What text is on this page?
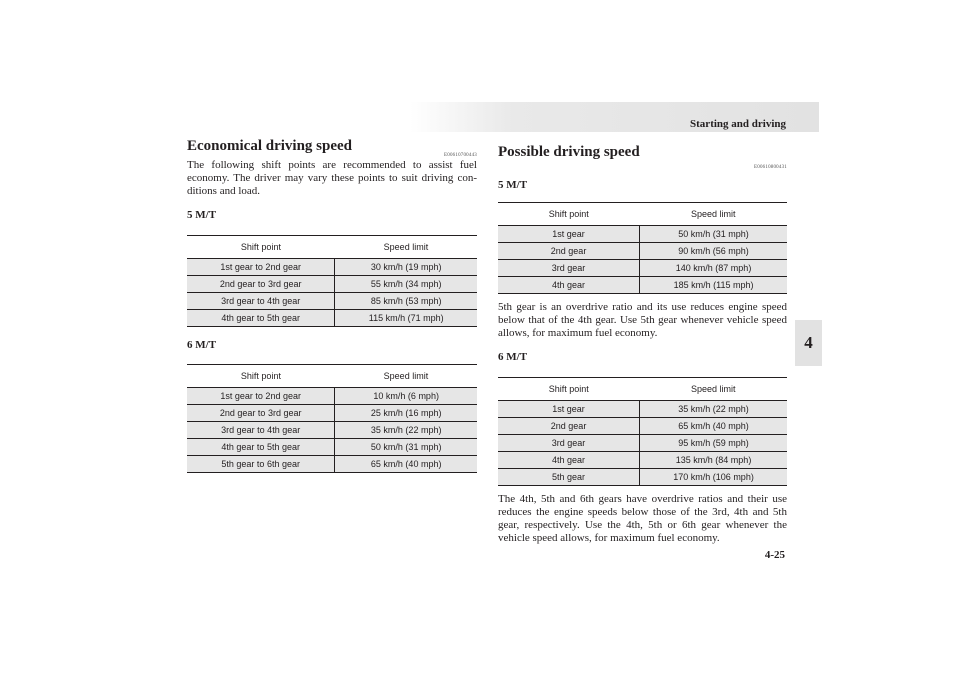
Starting and driving
4
4-25
Economical driving speed
E00610700443

The following shift points are recommended to assist fuel economy. The driver may vary these points to suit driving con-ditions and load.

5 M/T
Shift point	Speed limit
1st gear to 2nd gear	30 km/h (19 mph)
2nd gear to 3rd gear	55 km/h (34 mph)
3rd gear to 4th gear	85 km/h (53 mph)
4th gear to 5th gear	115 km/h (71 mph)
6 M/T
Shift point	Speed limit
1st gear to 2nd gear	10 km/h (6 mph)
2nd gear to 3rd gear	25 km/h (16 mph)
3rd gear to 4th gear	35 km/h (22 mph)
4th gear to 5th gear	50 km/h (31 mph)
5th gear to 6th gear	65 km/h (40 mph)
Possible driving speed
E00610800431
5 M/T
Shift point	Speed limit
1st gear	50 km/h (31 mph)
2nd gear	90 km/h (56 mph)
3rd gear	140 km/h (87 mph)
4th gear	185 km/h (115 mph)

5th gear is an overdrive ratio and its use reduces engine speed below that of the 4th gear. Use 5th gear whenever vehicle speed allows, for maximum fuel economy.

6 M/T
Shift point	Speed limit
1st gear	35 km/h (22 mph)
2nd gear	65 km/h (40 mph)
3rd gear	95 km/h (59 mph)
4th gear	135 km/h (84 mph)
5th gear	170 km/h (106 mph)

The 4th, 5th and 6th gears have overdrive ratios and their use reduces the engine speeds below those of the 3rd, 4th and 5th gear, respectively. Use the 4th, 5th or 6th gear whenever the vehicle speed allows, for maximum fuel economy.
